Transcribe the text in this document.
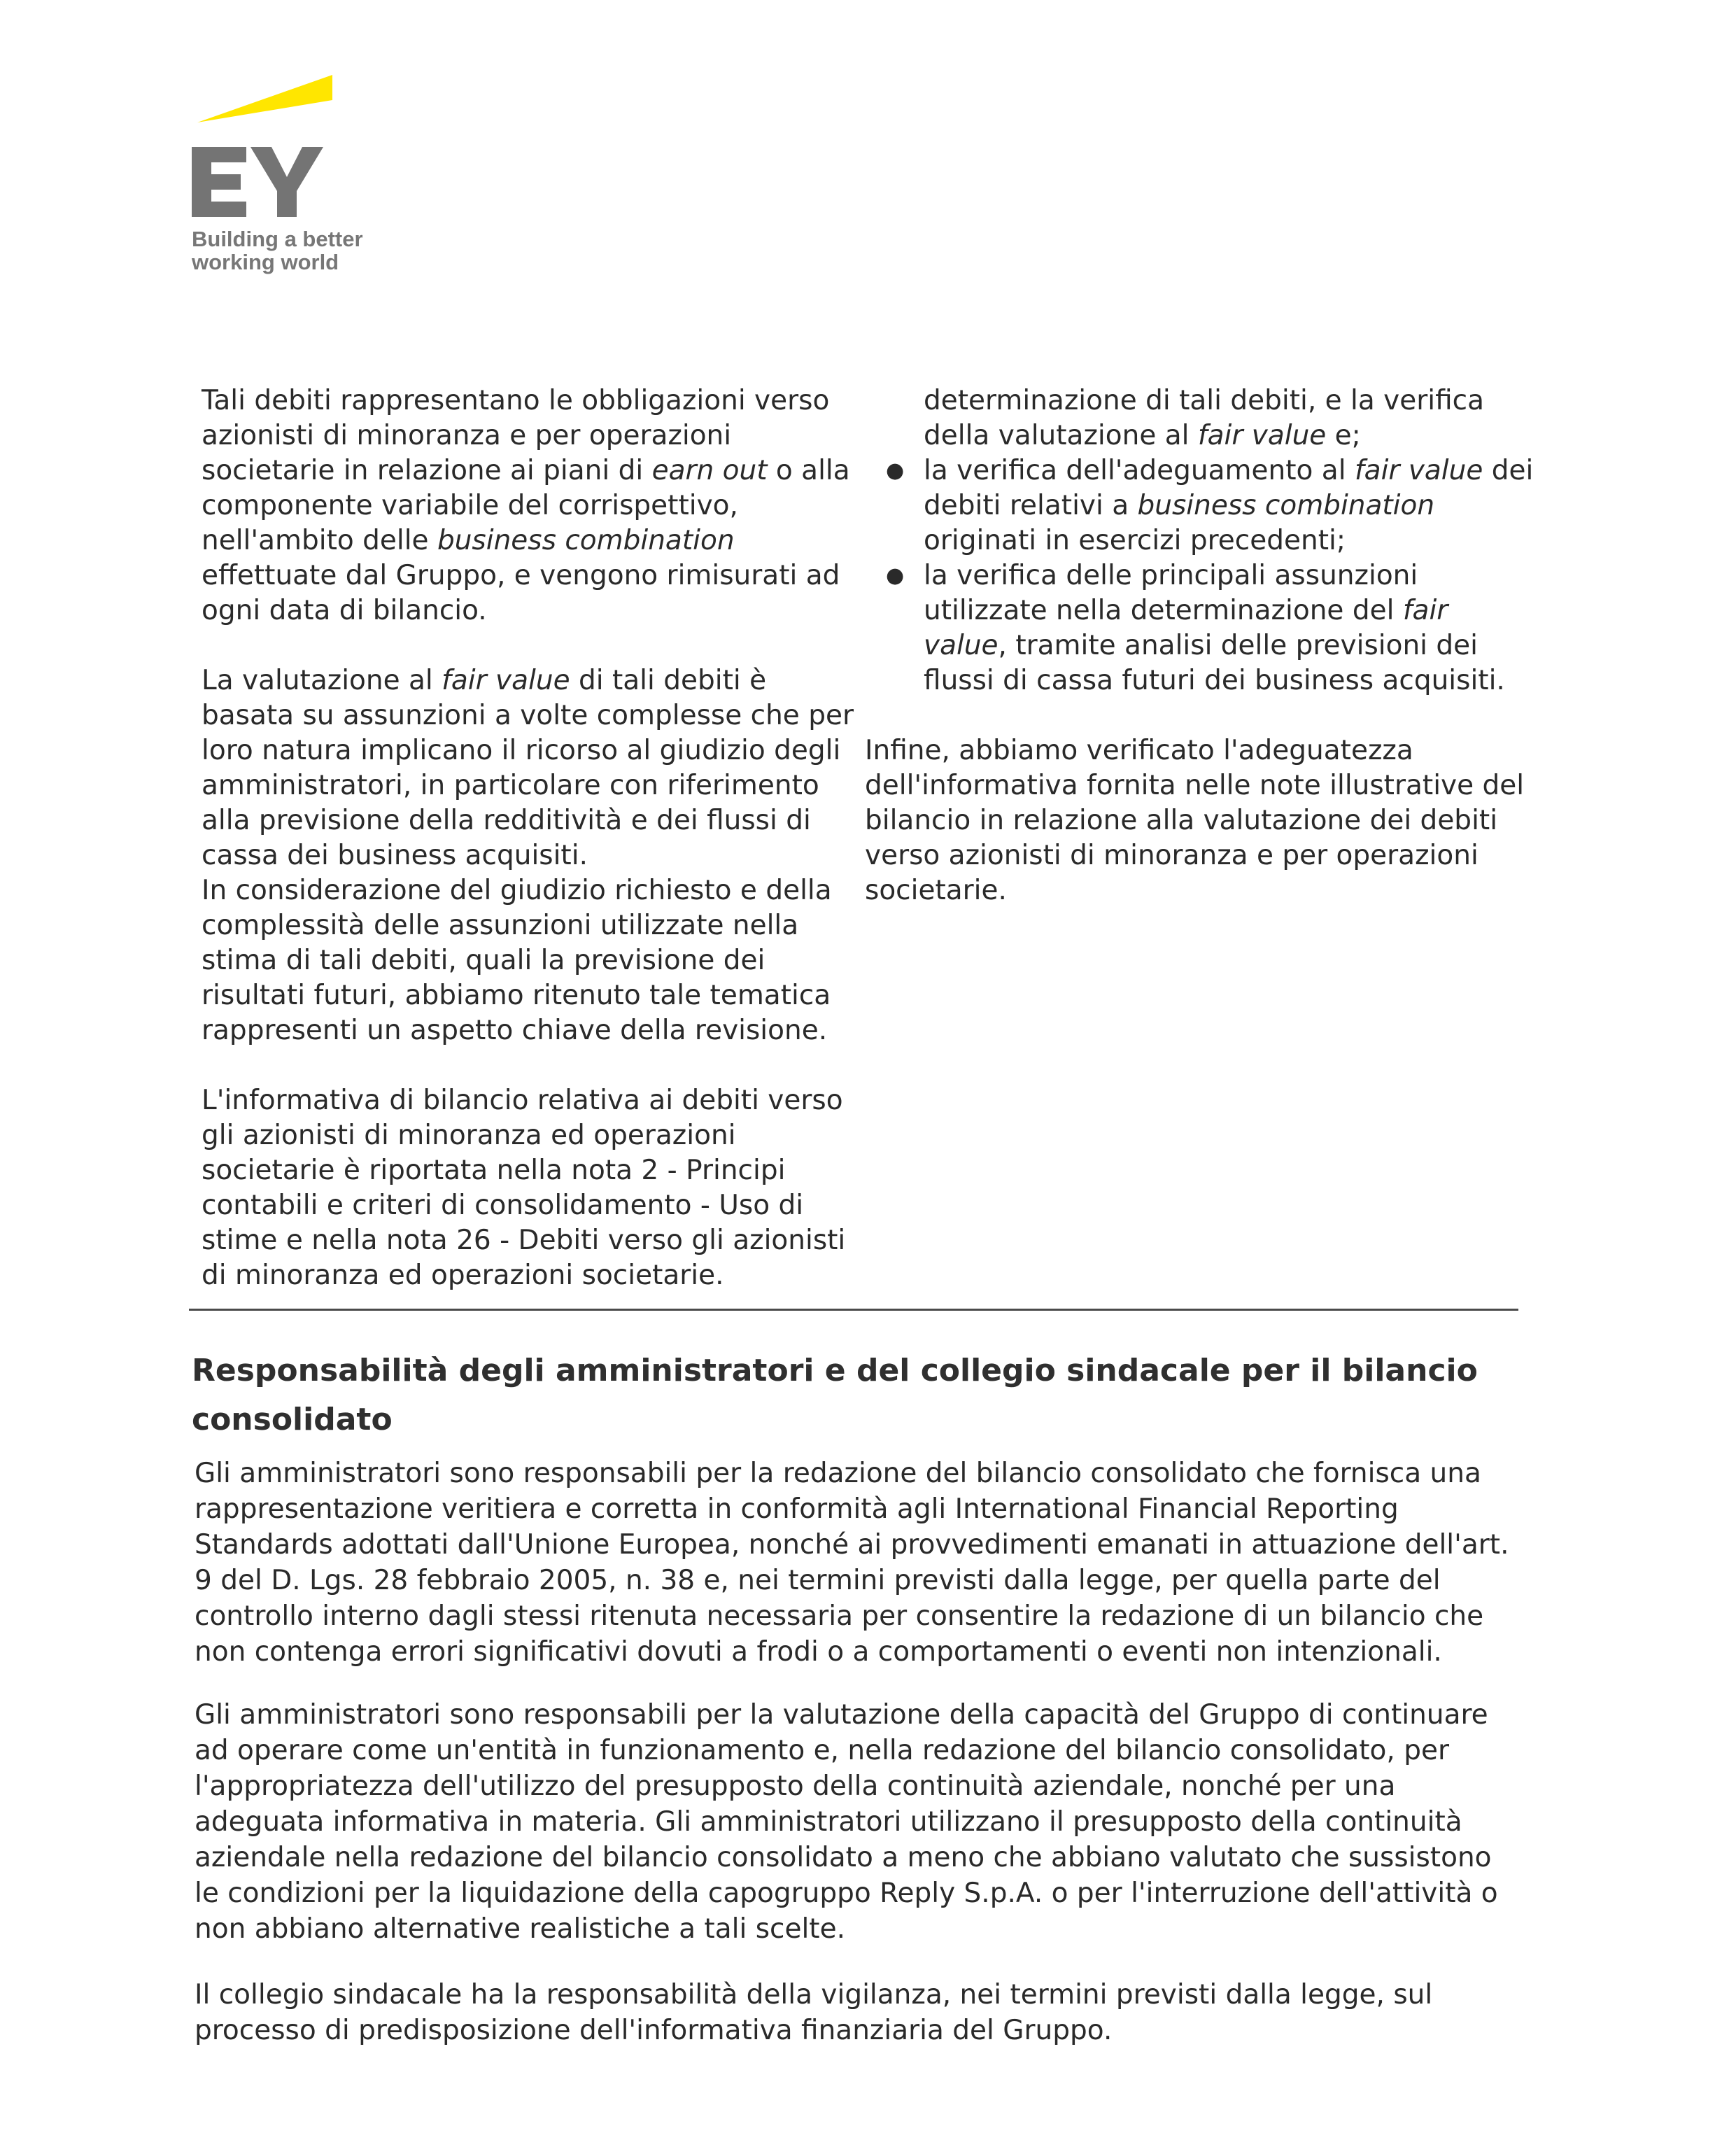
Building a better
working world

Tali debiti rappresentano le obbligazioni verso azionisti di minoranza e per operazioni societarie in relazione ai piani di earn out o alla componente variabile del corrispettivo, nell'ambito delle business combination effettuate dal Gruppo, e vengono rimisurati ad ogni data di bilancio.

La valutazione al fair value di tali debiti è basata su assunzioni a volte complesse che per loro natura implicano il ricorso al giudizio degli amministratori, in particolare con riferimento alla previsione della redditività e dei flussi di cassa dei business acquisiti.

In considerazione del giudizio richiesto e della complessità delle assunzioni utilizzate nella stima di tali debiti, quali la previsione dei risultati futuri, abbiamo ritenuto tale tematica rappresenti un aspetto chiave della revisione.

L'informativa di bilancio relativa ai debiti verso gli azionisti di minoranza ed operazioni societarie è riportata nella nota 2 - Principi contabili e criteri di consolidamento - Uso di stime e nella nota 26 - Debiti verso gli azionisti di minoranza ed operazioni societarie.

determinazione di tali debiti, e la verifica della valutazione al fair value e;

● la verifica dell'adeguamento al fair value dei debiti relativi a business combination originati in esercizi precedenti;
● la verifica delle principali assunzioni utilizzate nella determinazione del fair value, tramite analisi delle previsioni dei flussi di cassa futuri dei business acquisiti.

Infine, abbiamo verificato l'adeguatezza dell'informativa fornita nelle note illustrative del bilancio in relazione alla valutazione dei debiti verso azionisti di minoranza e per operazioni societarie.

Responsabilità degli amministratori e del collegio sindacale per il bilancio consolidato

Gli amministratori sono responsabili per la redazione del bilancio consolidato che fornisca una rappresentazione veritiera e corretta in conformità agli International Financial Reporting Standards adottati dall'Unione Europea, nonché ai provvedimenti emanati in attuazione dell'art. 9 del D. Lgs. 28 febbraio 2005, n. 38 e, nei termini previsti dalla legge, per quella parte del controllo interno dagli stessi ritenuta necessaria per consentire la redazione di un bilancio che non contenga errori significativi dovuti a frodi o a comportamenti o eventi non intenzionali.

Gli amministratori sono responsabili per la valutazione della capacità del Gruppo di continuare ad operare come un'entità in funzionamento e, nella redazione del bilancio consolidato, per l'appropriatezza dell'utilizzo del presupposto della continuità aziendale, nonché per una adeguata informativa in materia. Gli amministratori utilizzano il presupposto della continuità aziendale nella redazione del bilancio consolidato a meno che abbiano valutato che sussistono le condizioni per la liquidazione della capogruppo Reply S.p.A. o per l'interruzione dell'attività o non abbiano alternative realistiche a tali scelte.

Il collegio sindacale ha la responsabilità della vigilanza, nei termini previsti dalla legge, sul processo di predisposizione dell'informativa finanziaria del Gruppo.
